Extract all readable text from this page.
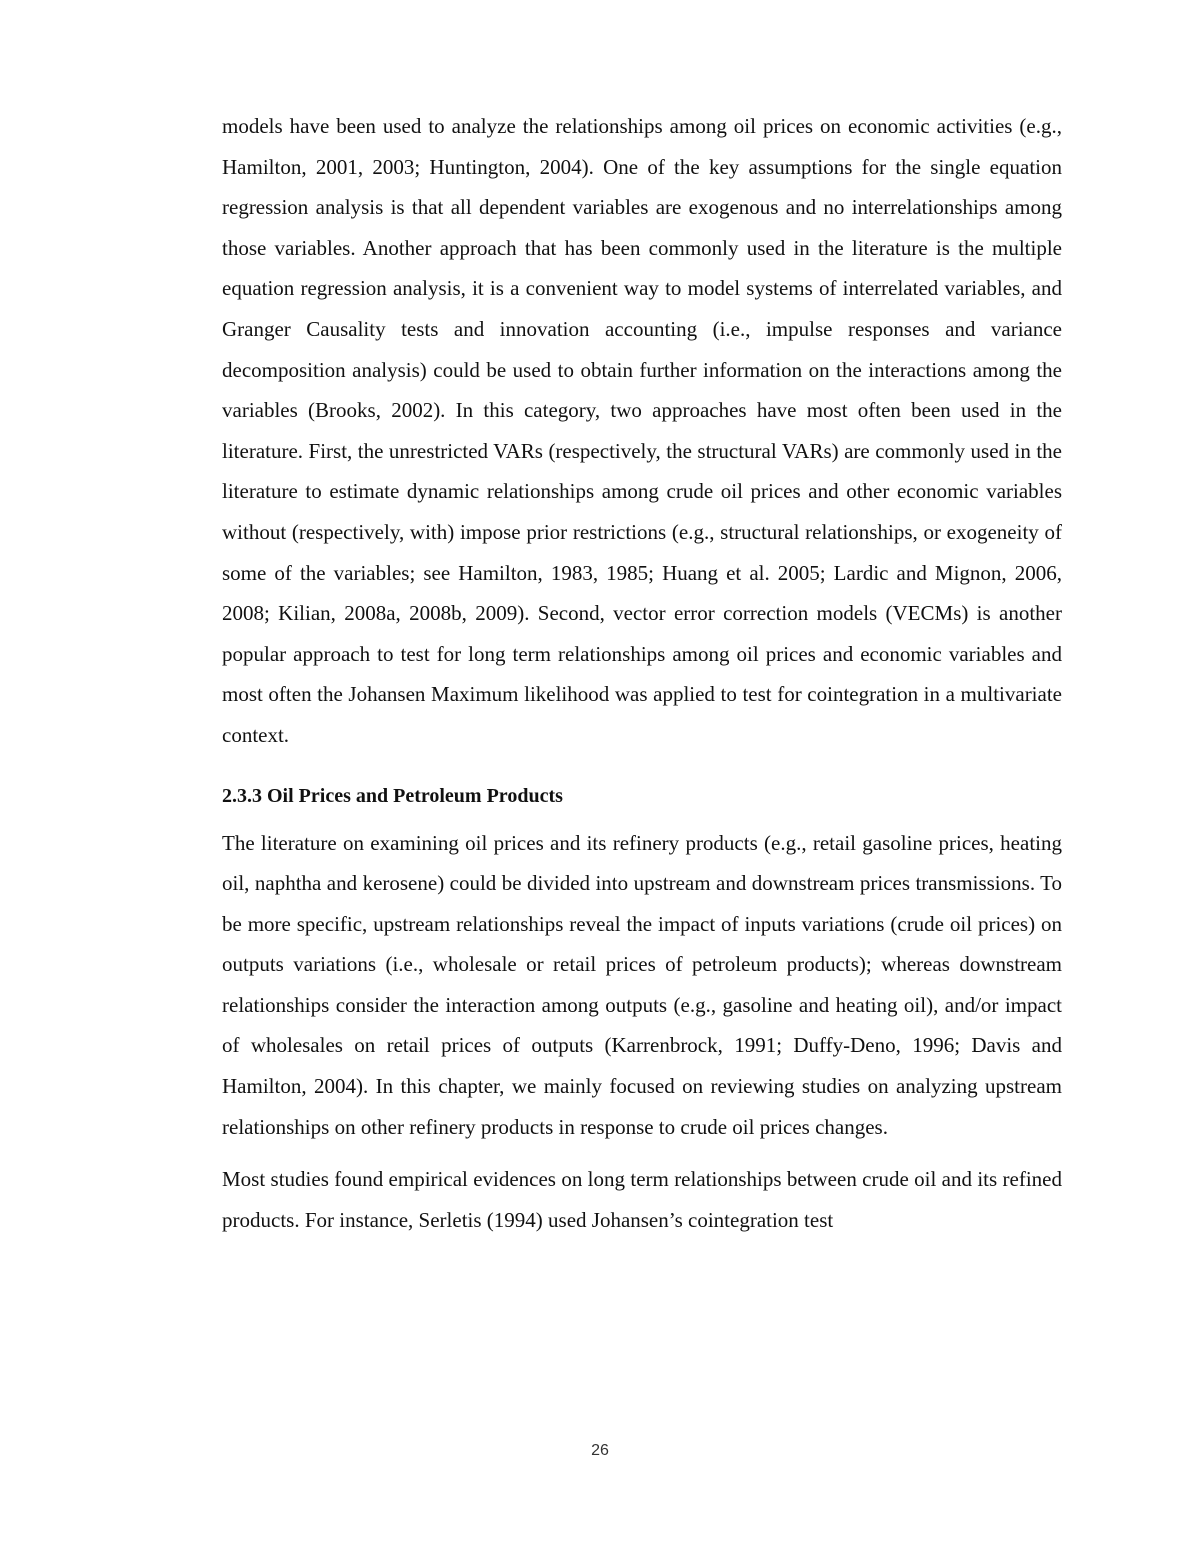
models have been used to analyze the relationships among oil prices on economic activities (e.g., Hamilton, 2001, 2003; Huntington, 2004). One of the key assumptions for the single equation regression analysis is that all dependent variables are exogenous and no interrelationships among those variables. Another approach that has been commonly used in the literature is the multiple equation regression analysis, it is a convenient way to model systems of interrelated variables, and Granger Causality tests and innovation accounting (i.e., impulse responses and variance decomposition analysis) could be used to obtain further information on the interactions among the variables (Brooks, 2002). In this category, two approaches have most often been used in the literature. First, the unrestricted VARs (respectively, the structural VARs) are commonly used in the literature to estimate dynamic relationships among crude oil prices and other economic variables without (respectively, with) impose prior restrictions (e.g., structural relationships, or exogeneity of some of the variables; see Hamilton, 1983, 1985; Huang et al. 2005; Lardic and Mignon, 2006, 2008; Kilian, 2008a, 2008b, 2009). Second, vector error correction models (VECMs) is another popular approach to test for long term relationships among oil prices and economic variables and most often the Johansen Maximum likelihood was applied to test for cointegration in a multivariate context.

2.3.3 Oil Prices and Petroleum Products

The literature on examining oil prices and its refinery products (e.g., retail gasoline prices, heating oil, naphtha and kerosene) could be divided into upstream and downstream prices transmissions. To be more specific, upstream relationships reveal the impact of inputs variations (crude oil prices) on outputs variations (i.e., wholesale or retail prices of petroleum products); whereas downstream relationships consider the interaction among outputs (e.g., gasoline and heating oil), and/or impact of wholesales on retail prices of outputs (Karrenbrock, 1991; Duffy-Deno, 1996; Davis and Hamilton, 2004). In this chapter, we mainly focused on reviewing studies on analyzing upstream relationships on other refinery products in response to crude oil prices changes.

Most studies found empirical evidences on long term relationships between crude oil and its refined products. For instance, Serletis (1994) used Johansen’s cointegration test

26
